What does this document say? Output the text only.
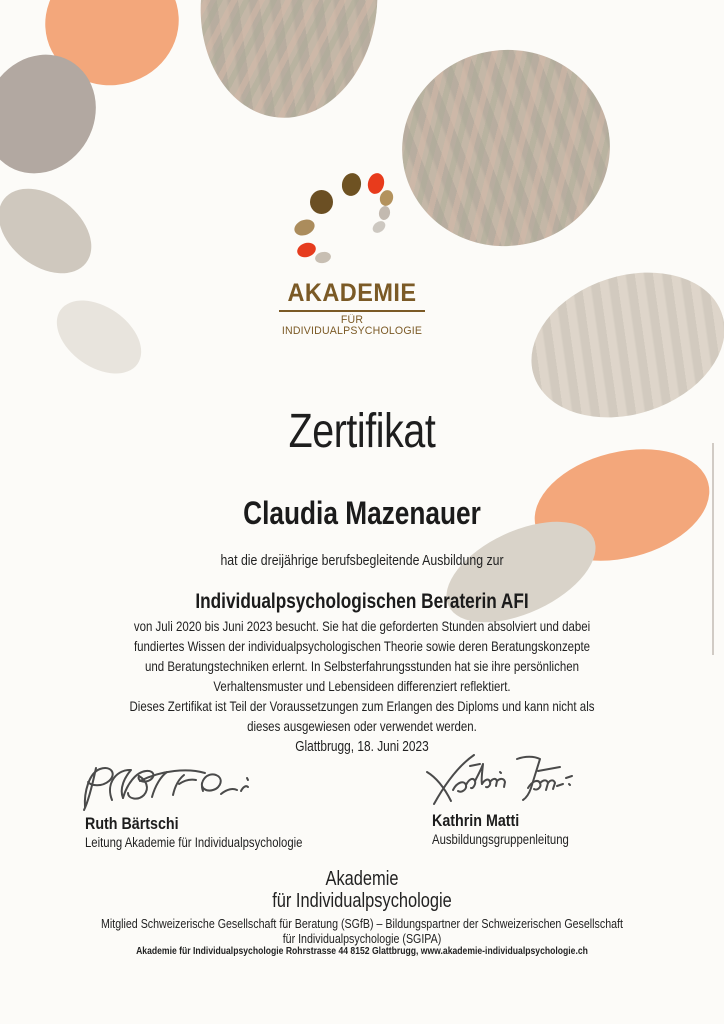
AKADEMIE
FÜR INDIVIDUALPSYCHOLOGIE
Zertifikat
Claudia Mazenauer
hat die dreijährige berufsbegleitende Ausbildung zur
Individualpsychologischen Beraterin AFI
von Juli 2020 bis Juni 2023 besucht. Sie hat die geforderten Stunden absolviert und dabei
fundiertes Wissen der individualpsychologischen Theorie sowie deren Beratungskonzepte
und Beratungstechniken erlernt. In Selbsterfahrungsstunden hat sie ihre persönlichen
Verhaltensmuster und Lebensideen differenziert reflektiert.
Dieses Zertifikat ist Teil der Voraussetzungen zum Erlangen des Diploms und kann nicht als
dieses ausgewiesen oder verwendet werden.
Glattbrugg, 18. Juni 2023
Ruth Bärtschi
Leitung Akademie für Individualpsychologie
Kathrin Matti
Ausbildungsgruppenleitung
Akademie
für Individualpsychologie
Mitglied Schweizerische Gesellschaft für Beratung (SGfB) – Bildungspartner der Schweizerischen Gesellschaft
für Individualpsychologie (SGIPA)
Akademie für Individualpsychologie Rohrstrasse 44 8152 Glattbrugg, www.akademie-individualpsychologie.ch
